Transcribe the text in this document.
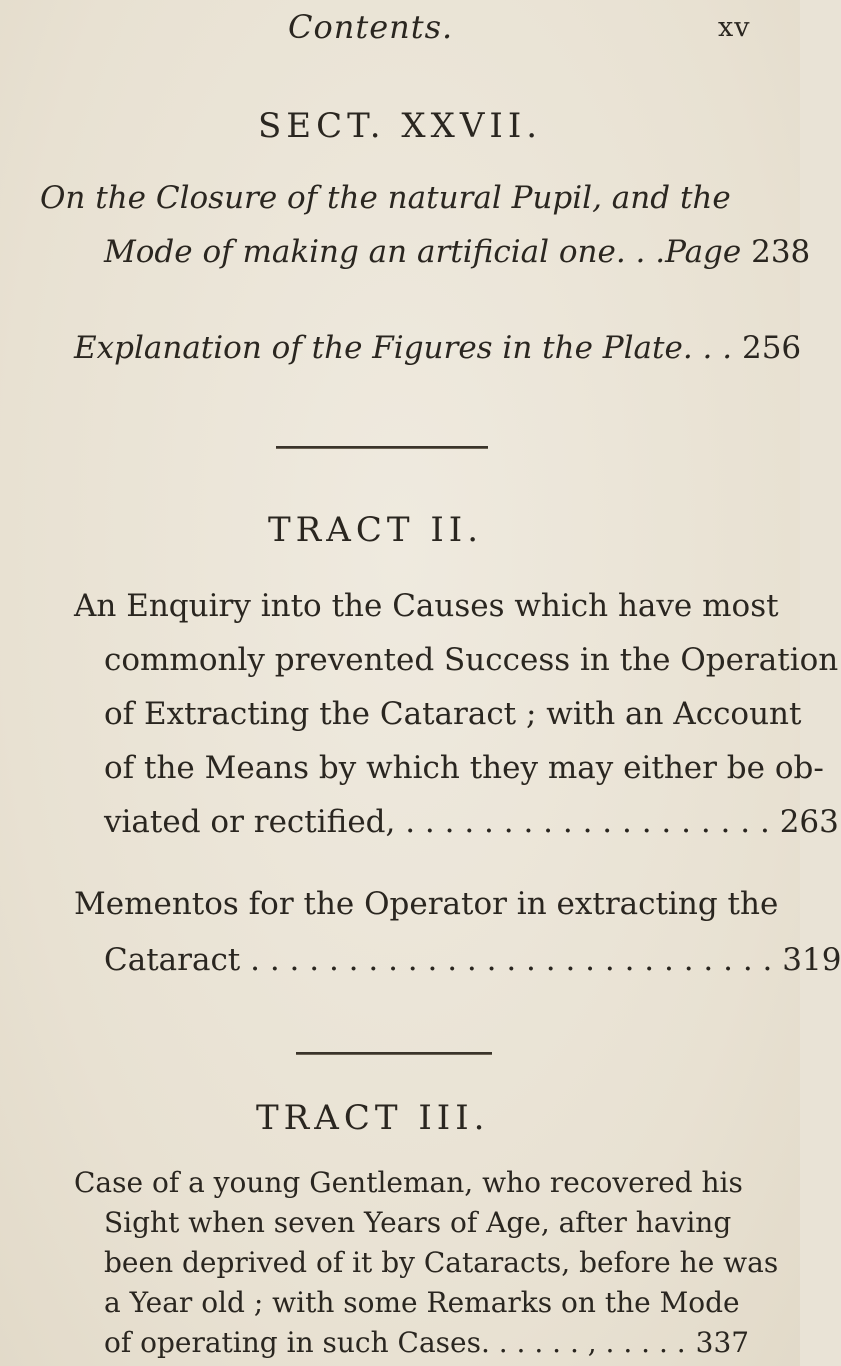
Contents.	xv
SECT. XXVII.
On the Closure of the natural Pupil, and the
Mode of making an artificial one. . .Page 238
Explanation of the Figures in the Plate. . . 256
TRACT II.
An Enquiry into the Causes which have most
commonly prevented Success in the Operation
of Extracting the Cataract ; with an Account
of the Means by which they may either be ob-
viated or rectified, . . . . . . . . . . . . . . . . . . . 263
Mementos for the Operator in extracting the
Cataract . . . . . . . . . . . . . . . . . . . . . . . . . . . 319
TRACT III.
Case of a young Gentleman, who recovered his
Sight when seven Years of Age, after having
been deprived of it by Cataracts, before he was
a Year old ; with some Remarks on the Mode
of operating in such Cases. . . . . . , . . . . . 337
